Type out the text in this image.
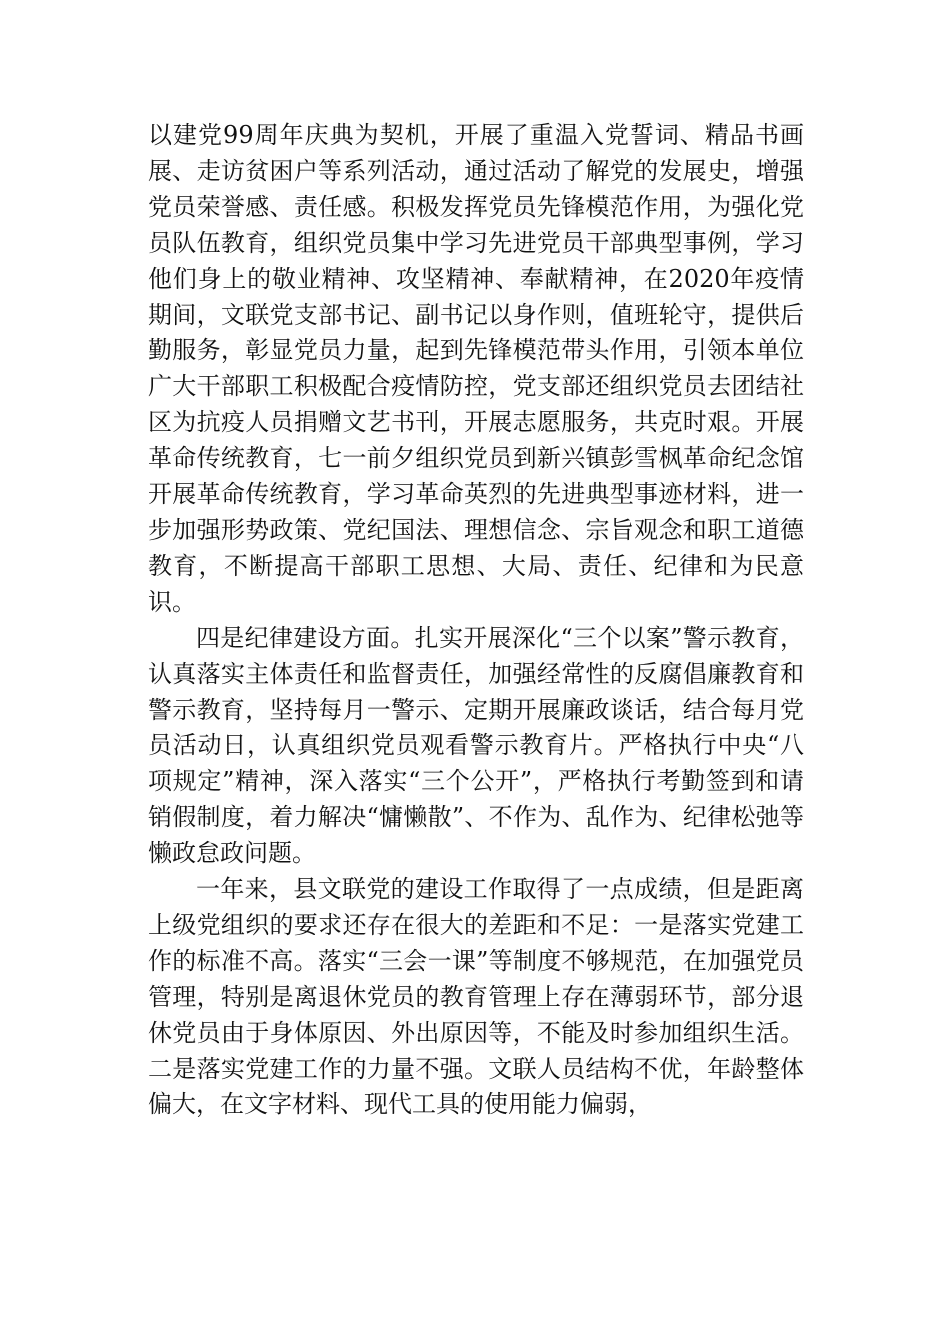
以建党99周年庆典为契机，开展了重温入党誓词、精品书画展、走访贫困户等系列活动，通过活动了解党的发展史，增强党员荣誉感、责任感。积极发挥党员先锋模范作用，为强化党员队伍教育，组织党员集中学习先进党员干部典型事例，学习他们身上的敬业精神、攻坚精神、奉献精神，在2020年疫情期间，文联党支部书记、副书记以身作则，值班轮守，提供后勤服务，彰显党员力量，起到先锋模范带头作用，引领本单位广大干部职工积极配合疫情防控，党支部还组织党员去团结社区为抗疫人员捐赠文艺书刊，开展志愿服务，共克时艰。开展革命传统教育，七一前夕组织党员到新兴镇彭雪枫革命纪念馆开展革命传统教育，学习革命英烈的先进典型事迹材料，进一步加强形势政策、党纪国法、理想信念、宗旨观念和职工道德教育，不断提高干部职工思想、大局、责任、纪律和为民意识。

四是纪律建设方面。扎实开展深化“三个以案”警示教育，认真落实主体责任和监督责任，加强经常性的反腐倡廉教育和警示教育，坚持每月一警示、定期开展廉政谈话，结合每月党员活动日，认真组织党员观看警示教育片。严格执行中央“八项规定”精神，深入落实“三个公开”，严格执行考勤签到和请销假制度，着力解决“慵懒散”、不作为、乱作为、纪律松弛等懒政怠政问题。

一年来，县文联党的建设工作取得了一点成绩，但是距离上级党组织的要求还存在很大的差距和不足：一是落实党建工作的标准不高。落实“三会一课”等制度不够规范，在加强党员管理，特别是离退休党员的教育管理上存在薄弱环节，部分退休党员由于身体原因、外出原因等，不能及时参加组织生活。二是落实党建工作的力量不强。文联人员结构不优，年龄整体偏大，在文字材料、现代工具的使用能力偏弱，
